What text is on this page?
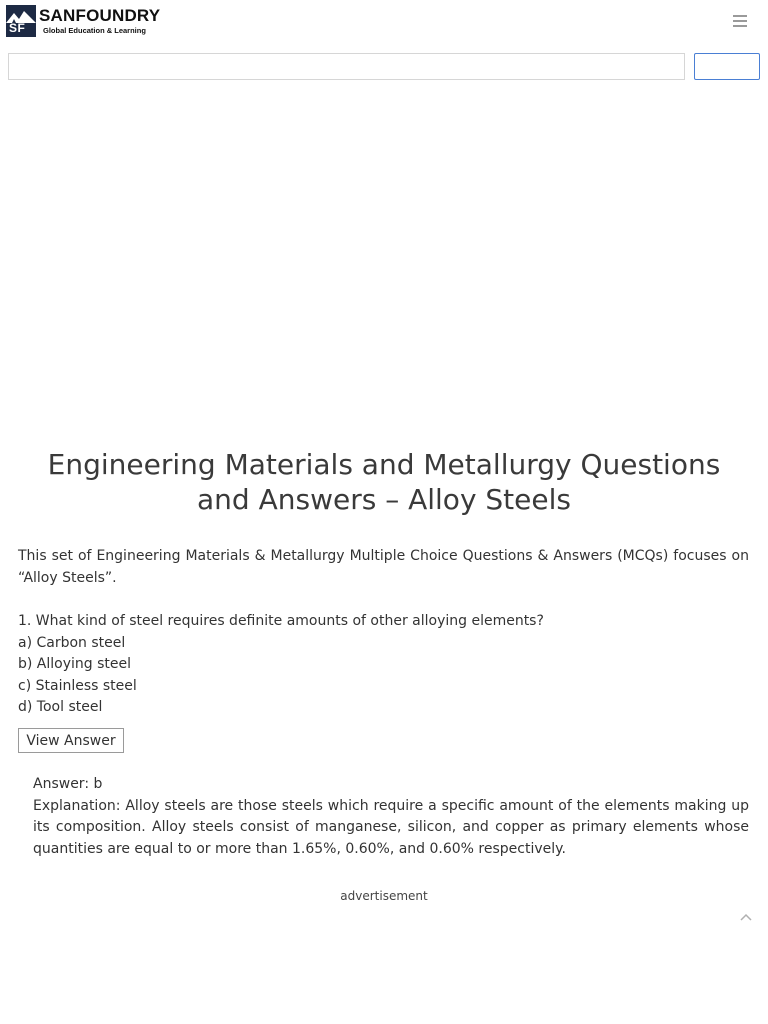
SF
SANFOUNDRY
Global Education & Learning
Engineering Materials and Metallurgy Questions and Answers – Alloy Steels

This set of Engineering Materials & Metallurgy Multiple Choice Questions & Answers (MCQs) focuses on “Alloy Steels”.

1. What kind of steel requires definite amounts of other alloying elements?
a) Carbon steel
b) Alloying steel
c) Stainless steel
d) Tool steel
View Answer

Answer: b

Explanation: Alloy steels are those steels which require a specific amount of the elements making up its composition. Alloy steels consist of manganese, silicon, and copper as primary elements whose quantities are equal to or more than 1.65%, 0.60%, and 0.60% respectively.

advertisement
